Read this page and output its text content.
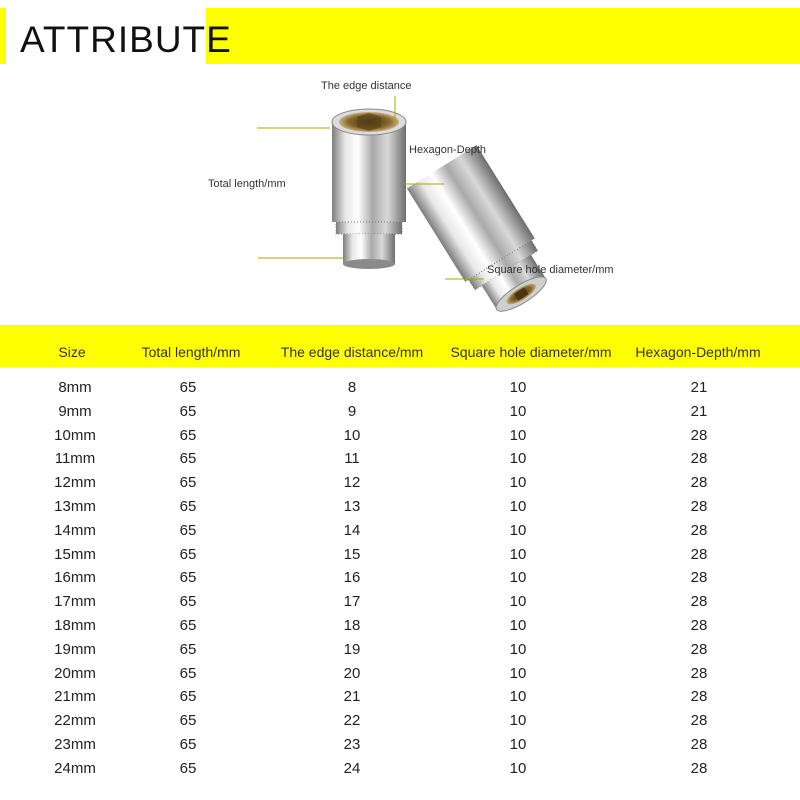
ATTRIBUTE
The edge distance
Hexagon-Depth
Total length/mm
Square hole diameter/mm
Size	Total length/mm	The edge distance/mm	Square hole diameter/mm	Hexagon-Depth/mm
8mm	65	8	10	21
9mm	65	9	10	21
10mm	65	10	10	28
11mm	65	11	10	28
12mm	65	12	10	28
13mm	65	13	10	28
14mm	65	14	10	28
15mm	65	15	10	28
16mm	65	16	10	28
17mm	65	17	10	28
18mm	65	18	10	28
19mm	65	19	10	28
20mm	65	20	10	28
21mm	65	21	10	28
22mm	65	22	10	28
23mm	65	23	10	28
24mm	65	24	10	28
